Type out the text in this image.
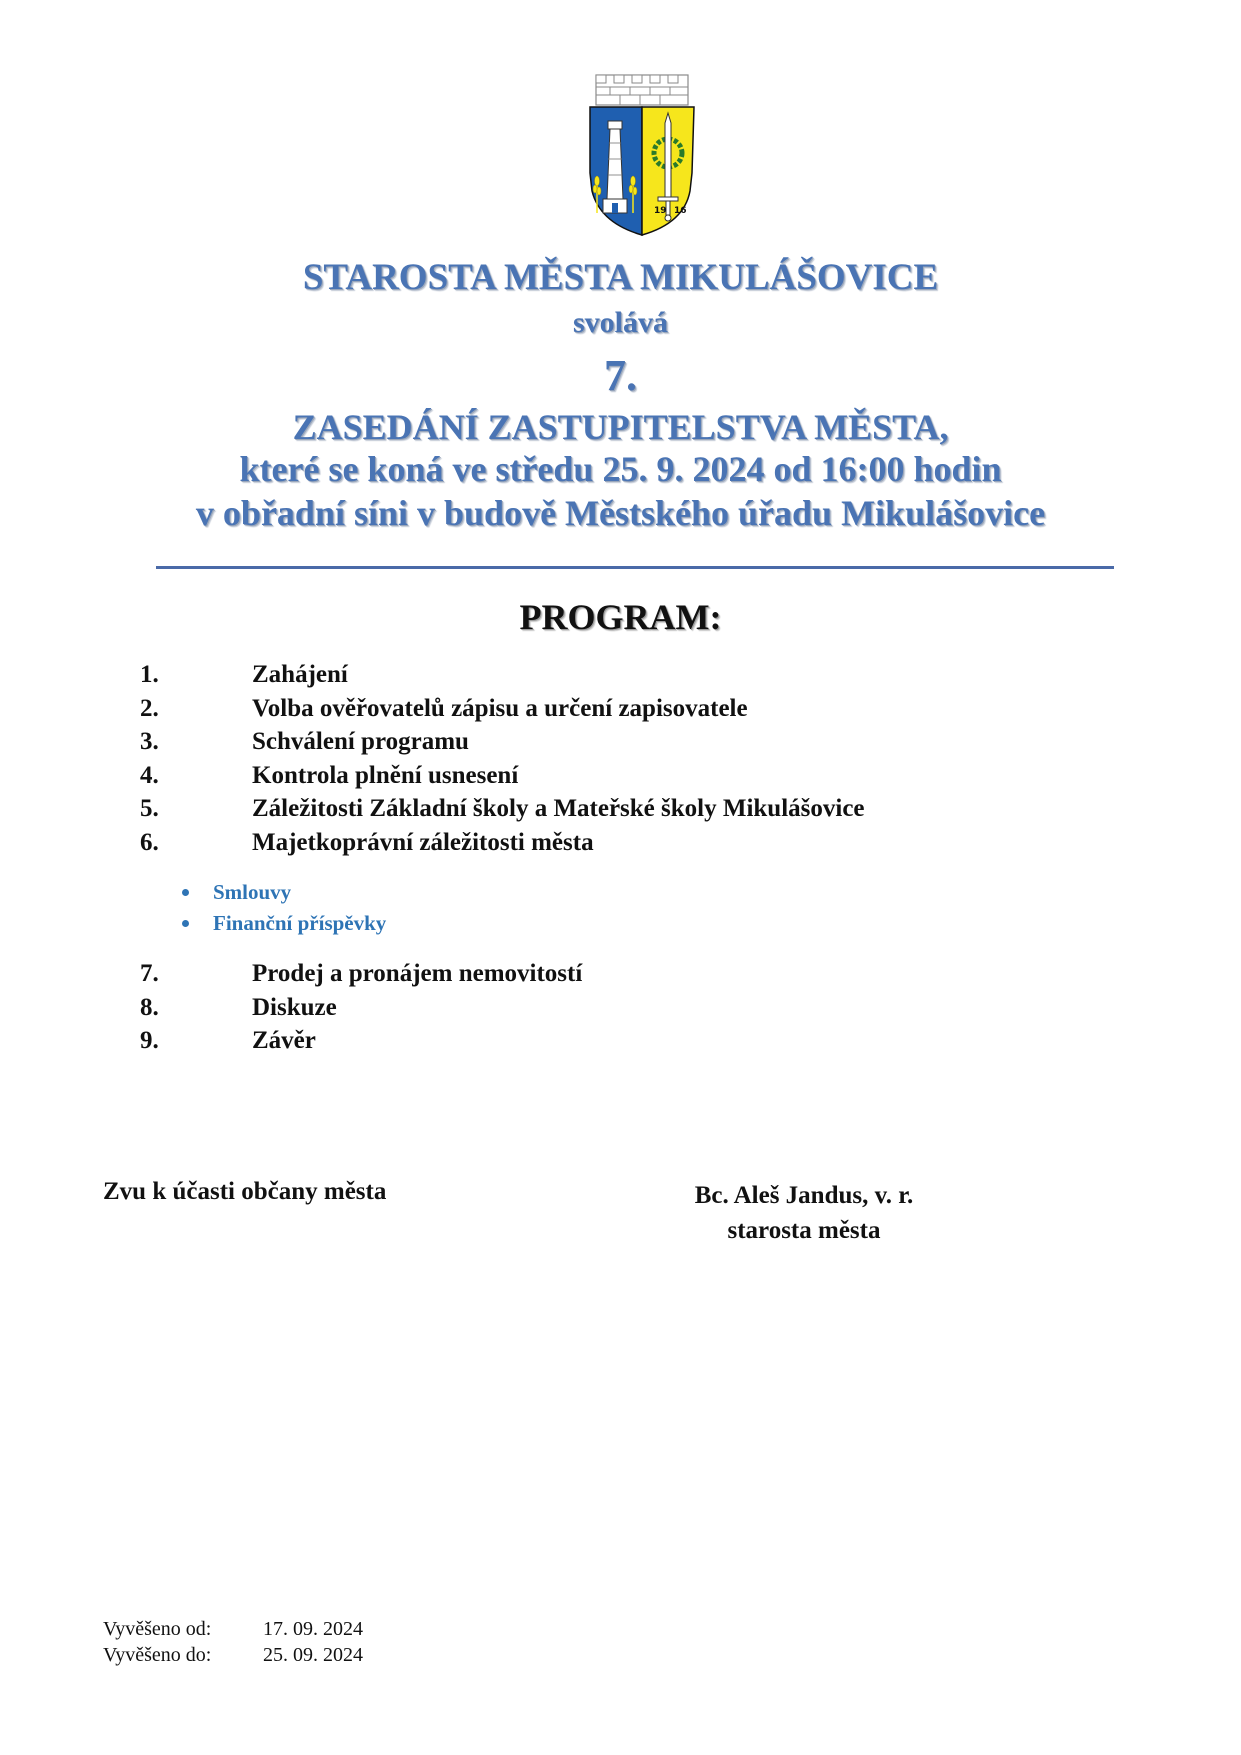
19 16
STAROSTA MĚSTA MIKULÁŠOVICE
svolává
7.
ZASEDÁNÍ ZASTUPITELSTVA MĚSTA,
které se koná ve středu 25. 9. 2024 od 16:00 hodin
v obřadní síni v budově Městského úřadu Mikulášovice
PROGRAM:
1.	Zahájení
2.	Volba ověřovatelů zápisu a určení zapisovatele
3.	Schválení programu
4.	Kontrola plnění usnesení
5.	Záležitosti Základní školy a Mateřské školy Mikulášovice
6.	Majetkoprávní záležitosti města
Smlouvy
Finanční příspěvky
7.	Prodej a pronájem nemovitostí
8.	Diskuze
9.	Závěr
Zvu k účasti občany města	Bc. Aleš Jandus, v. r.
starosta města
Vyvěšeno od:	17. 09. 2024
Vyvěšeno do:	25. 09. 2024
